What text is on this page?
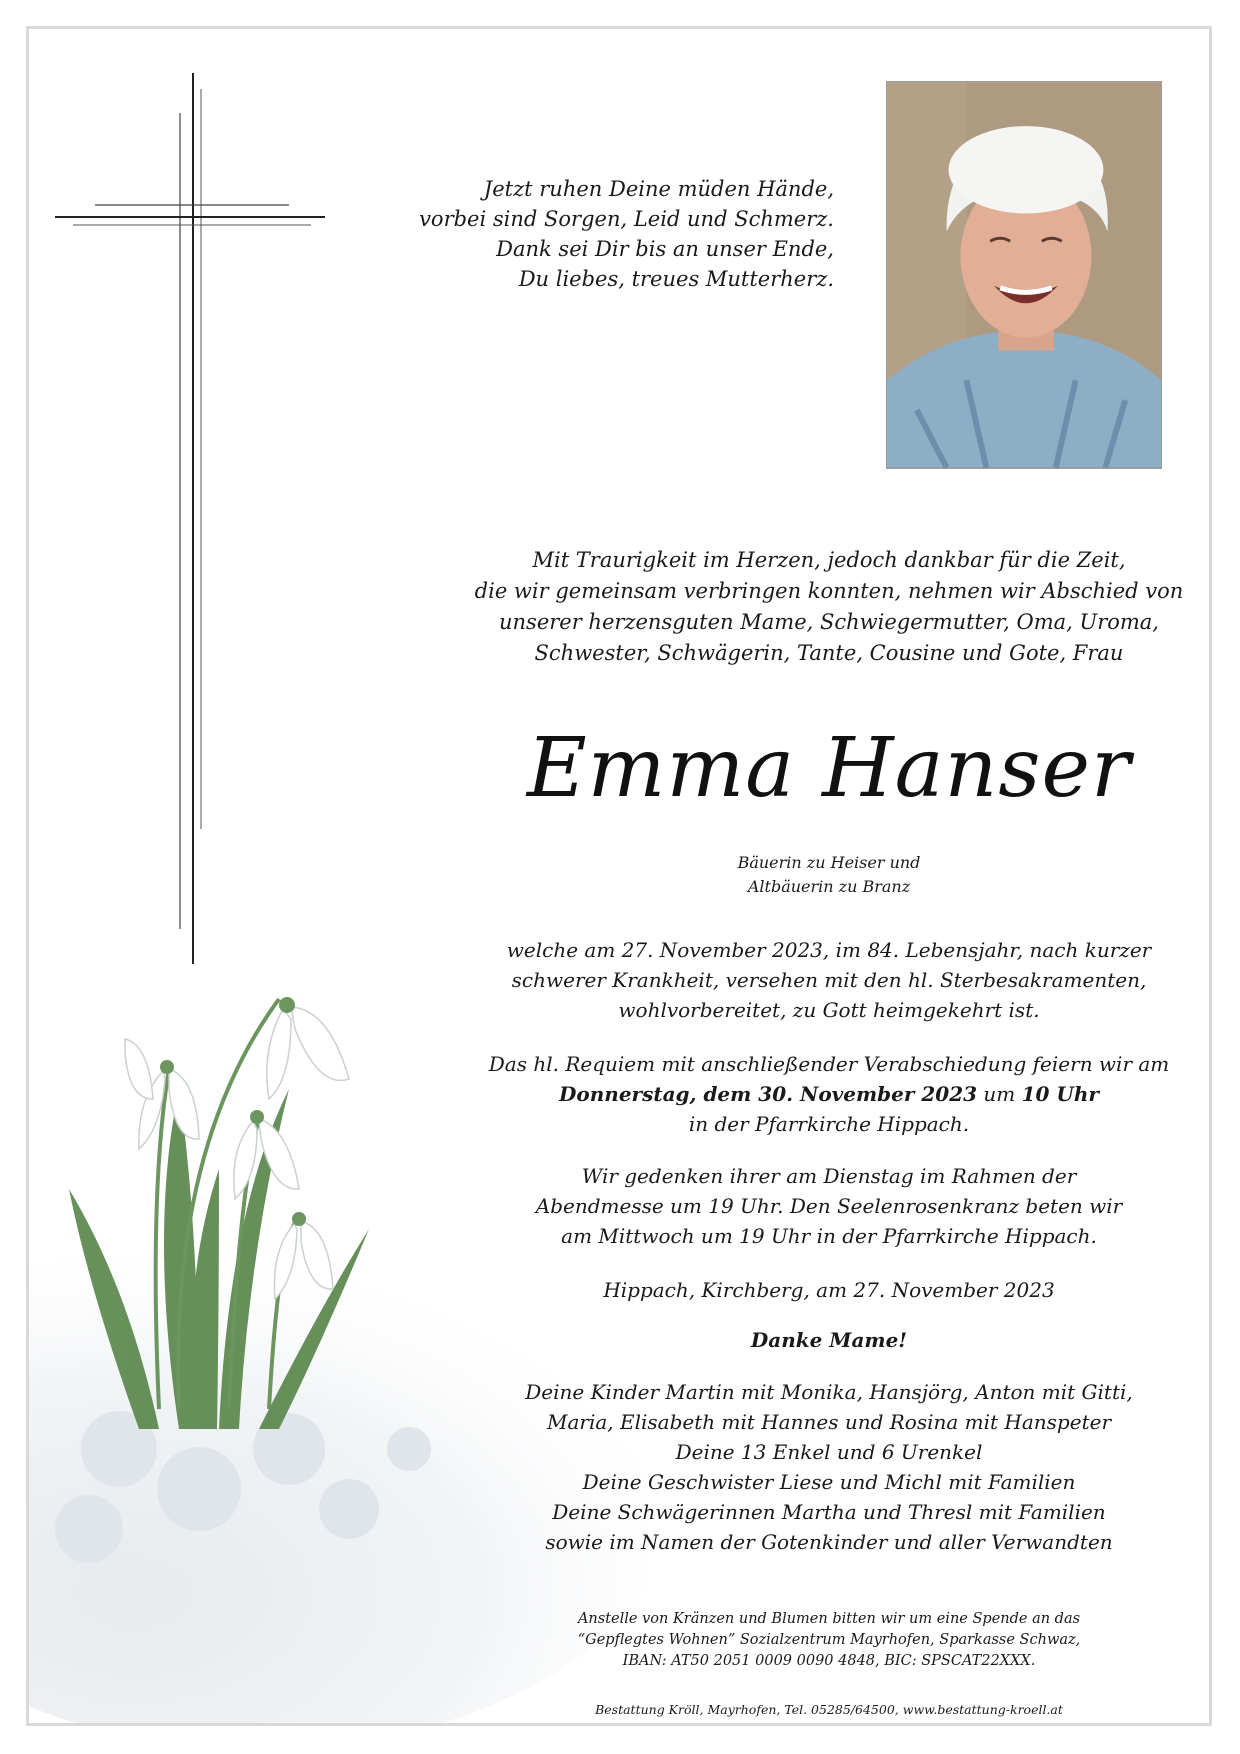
Jetzt ruhen Deine müden Hände,
vorbei sind Sorgen, Leid und Schmerz.
Dank sei Dir bis an unser Ende,
Du liebes, treues Mutterherz.
Mit Traurigkeit im Herzen, jedoch dankbar für die Zeit,
die wir gemeinsam verbringen konnten, nehmen wir Abschied von
unserer herzensguten Mame, Schwiegermutter, Oma, Uroma,
Schwester, Schwägerin, Tante, Cousine und Gote, Frau
Emma Hanser
Bäuerin zu Heiser und
Altbäuerin zu Branz
welche am 27. November 2023, im 84. Lebensjahr, nach kurzer
schwerer Krankheit, versehen mit den hl. Sterbesakramenten,
wohlvorbereitet, zu Gott heimgekehrt ist.
Das hl. Requiem mit anschließender Verabschiedung feiern wir am
Donnerstag, dem 30. November 2023 um 10 Uhr
in der Pfarrkirche Hippach.
Wir gedenken ihrer am Dienstag im Rahmen der
Abendmesse um 19 Uhr. Den Seelenrosenkranz beten wir
am Mittwoch um 19 Uhr in der Pfarrkirche Hippach.
Hippach, Kirchberg, am 27. November 2023
Danke Mame!
Deine Kinder Martin mit Monika, Hansjörg, Anton mit Gitti,
Maria, Elisabeth mit Hannes und Rosina mit Hanspeter
Deine 13 Enkel und 6 Urenkel
Deine Geschwister Liese und Michl mit Familien
Deine Schwägerinnen Martha und Thresl mit Familien
sowie im Namen der Gotenkinder und aller Verwandten
Anstelle von Kränzen und Blumen bitten wir um eine Spende an das
“Gepflegtes Wohnen” Sozialzentrum Mayrhofen, Sparkasse Schwaz,
IBAN: AT50 2051 0009 0090 4848, BIC: SPSCAT22XXX.
Bestattung Kröll, Mayrhofen, Tel. 05285/64500, www.bestattung-kroell.at
